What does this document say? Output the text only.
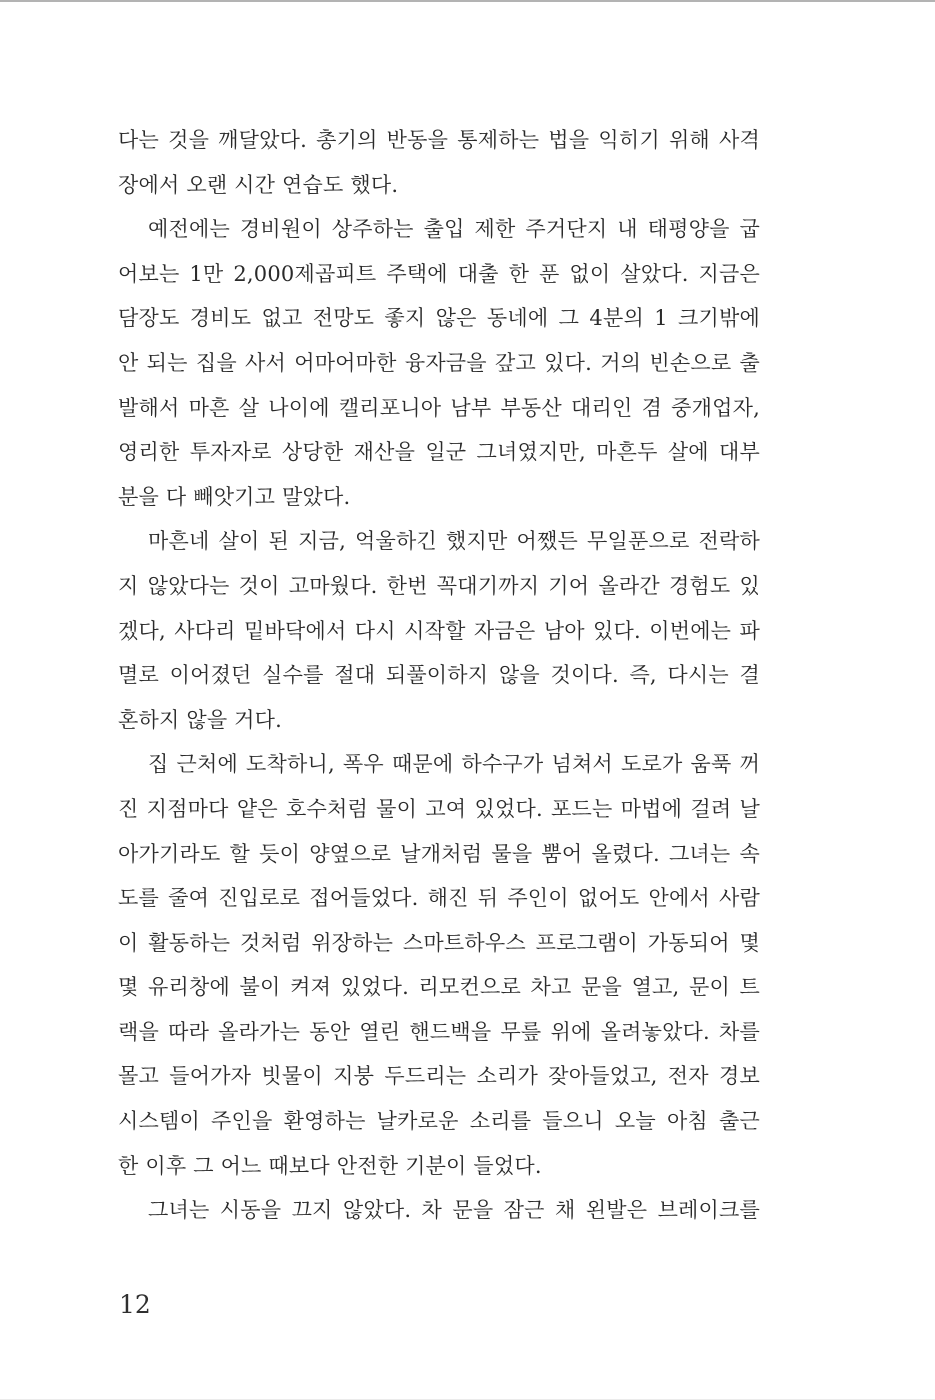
다는 것을 깨달았다. 총기의 반동을 통제하는 법을 익히기 위해 사격

장에서 오랜 시간 연습도 했다.

예전에는 경비원이 상주하는 출입 제한 주거단지 내 태평양을 굽

어보는 1만 2,000제곱피트 주택에 대출 한 푼 없이 살았다. 지금은

담장도 경비도 없고 전망도 좋지 않은 동네에 그 4분의 1 크기밖에

안 되는 집을 사서 어마어마한 융자금을 갚고 있다. 거의 빈손으로 출

발해서 마흔 살 나이에 캘리포니아 남부 부동산 대리인 겸 중개업자,

영리한 투자자로 상당한 재산을 일군 그녀였지만, 마흔두 살에 대부

분을 다 빼앗기고 말았다.

마흔네 살이 된 지금, 억울하긴 했지만 어쨌든 무일푼으로 전락하

지 않았다는 것이 고마웠다. 한번 꼭대기까지 기어 올라간 경험도 있

겠다, 사다리 밑바닥에서 다시 시작할 자금은 남아 있다. 이번에는 파

멸로 이어졌던 실수를 절대 되풀이하지 않을 것이다. 즉, 다시는 결

혼하지 않을 거다.

집 근처에 도착하니, 폭우 때문에 하수구가 넘쳐서 도로가 움푹 꺼

진 지점마다 얕은 호수처럼 물이 고여 있었다. 포드는 마법에 걸려 날

아가기라도 할 듯이 양옆으로 날개처럼 물을 뿜어 올렸다. 그녀는 속

도를 줄여 진입로로 접어들었다. 해진 뒤 주인이 없어도 안에서 사람

이 활동하는 것처럼 위장하는 스마트하우스 프로그램이 가동되어 몇

몇 유리창에 불이 켜져 있었다. 리모컨으로 차고 문을 열고, 문이 트

랙을 따라 올라가는 동안 열린 핸드백을 무릎 위에 올려놓았다. 차를

몰고 들어가자 빗물이 지붕 두드리는 소리가 잦아들었고, 전자 경보

시스템이 주인을 환영하는 날카로운 소리를 들으니 오늘 아침 출근

한 이후 그 어느 때보다 안전한 기분이 들었다.

그녀는 시동을 끄지 않았다. 차 문을 잠근 채 왼발은 브레이크를

12
